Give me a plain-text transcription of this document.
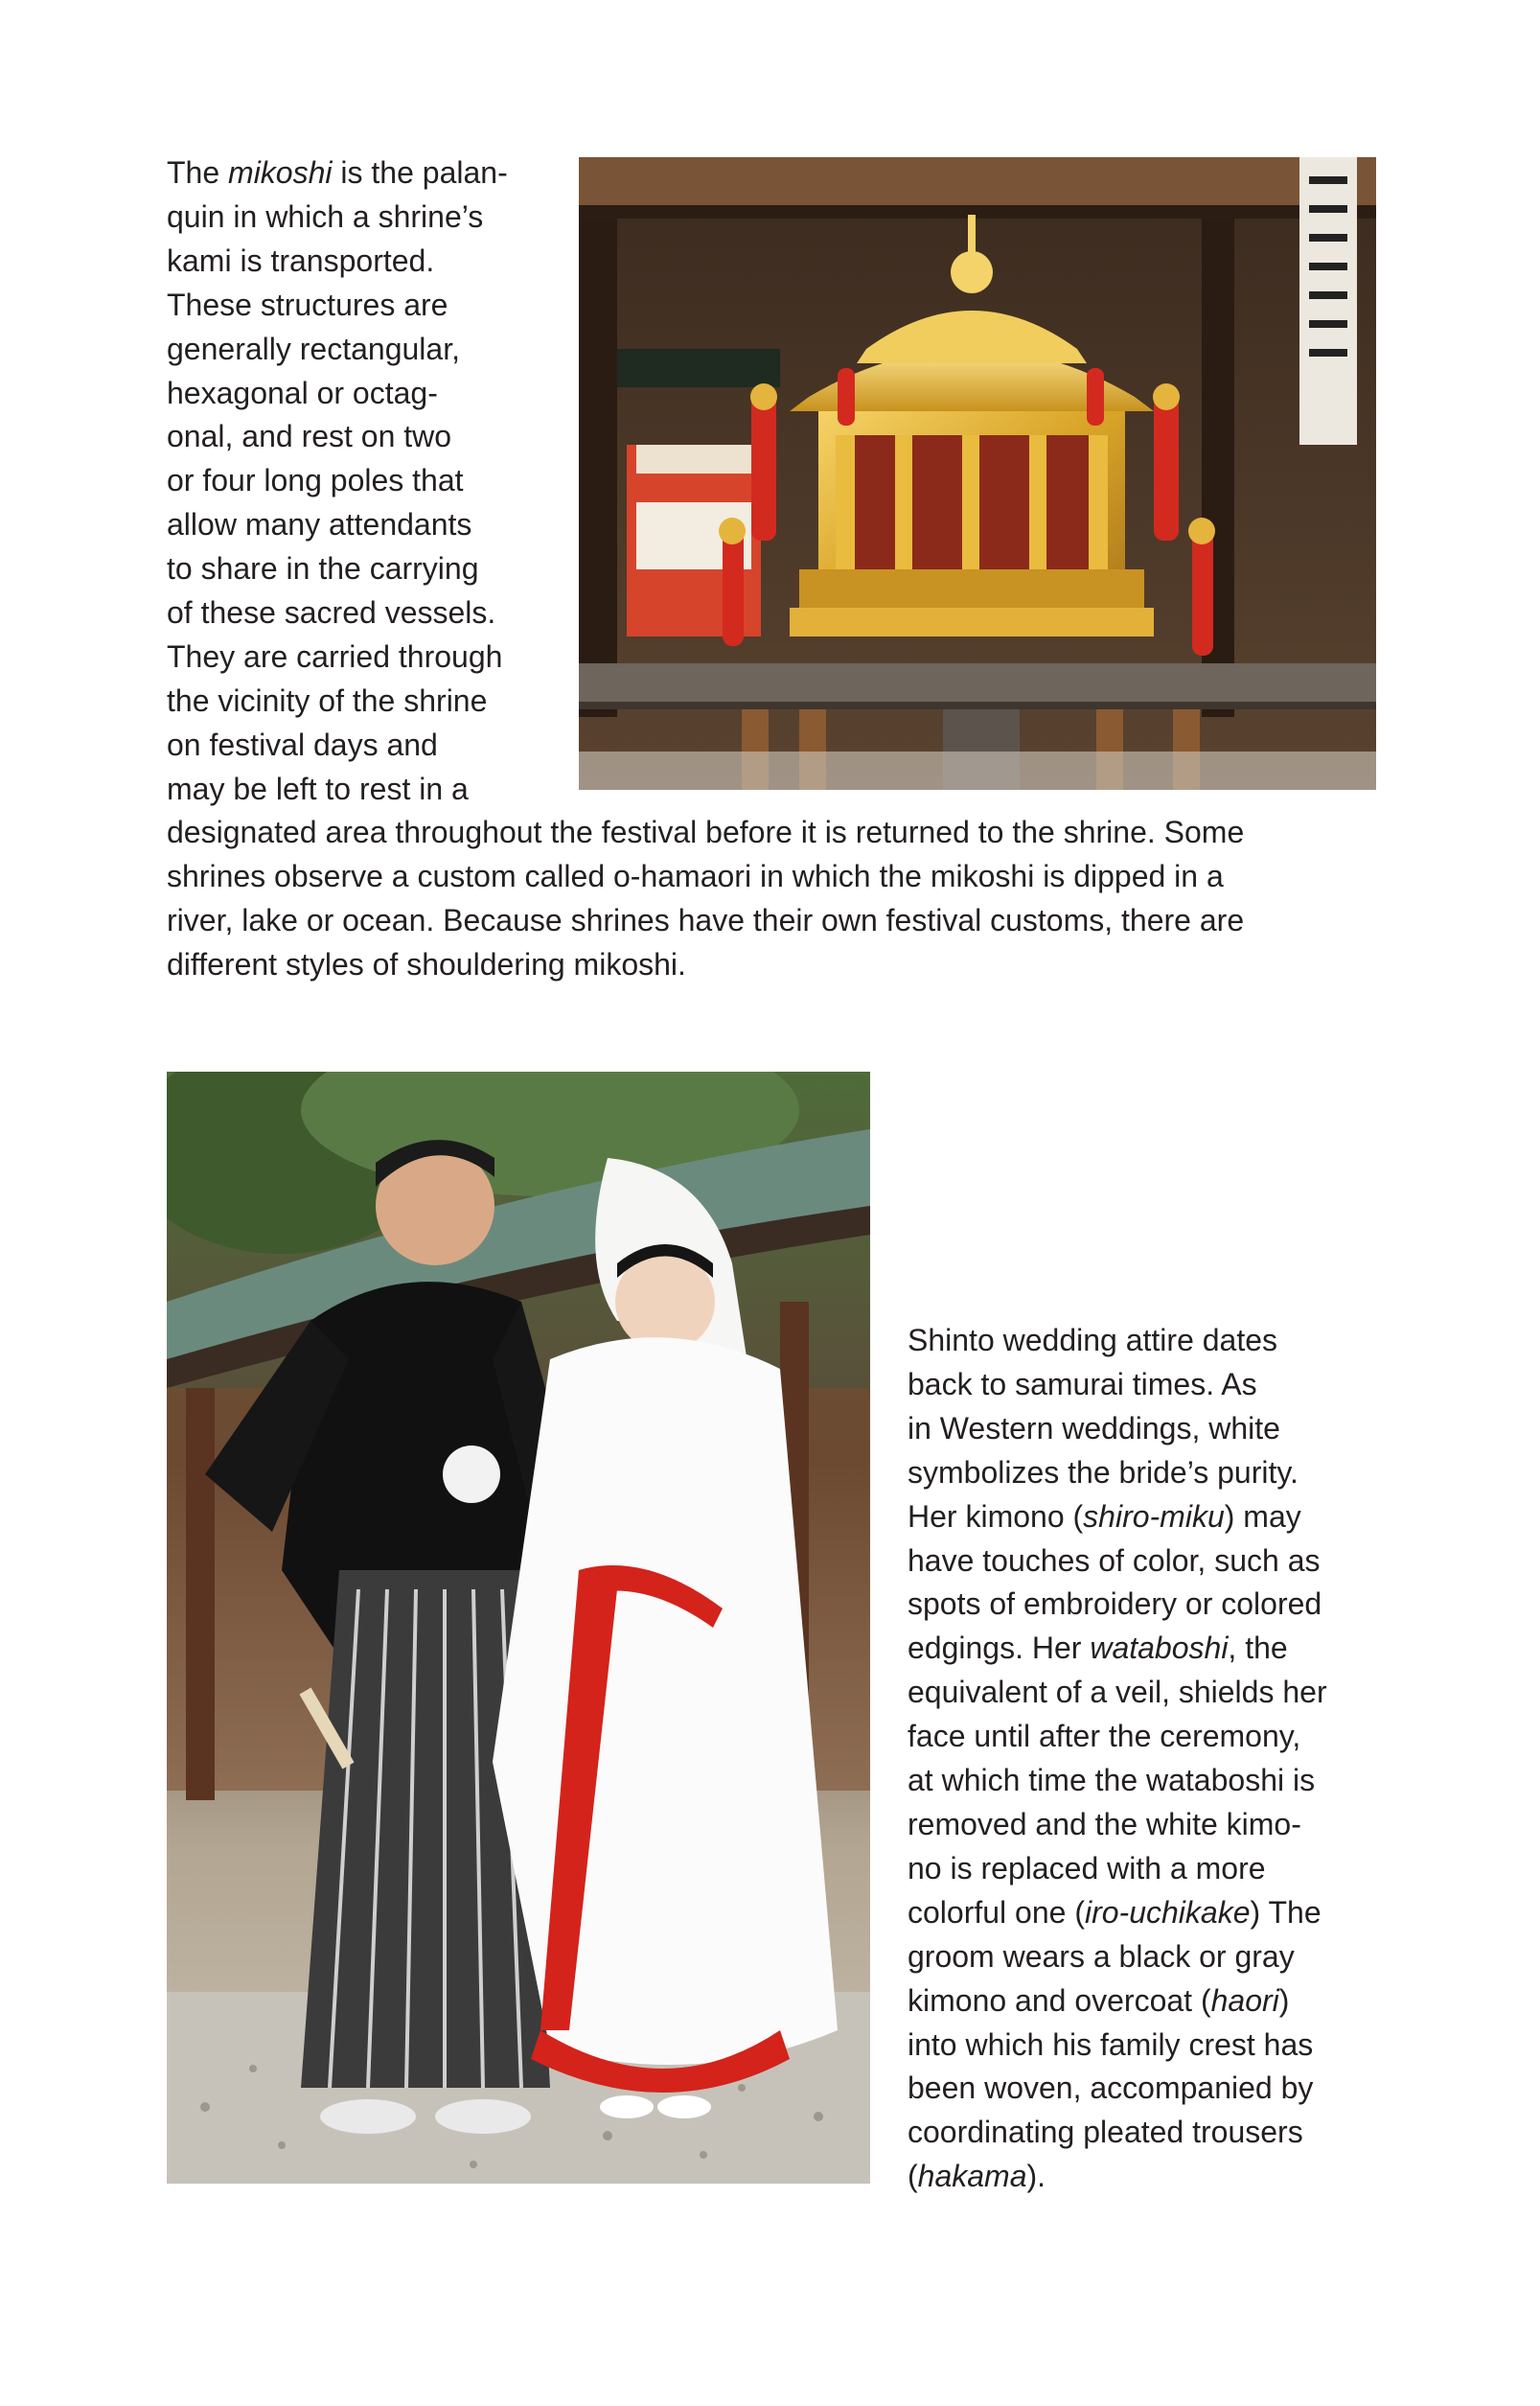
The mikoshi is the palan-
quin in which a shrine’s
kami is transported.
These structures are
generally rectangular,
hexagonal or octag-
onal, and rest on two
or four long poles that
allow many attendants
to share in the carrying
of these sacred vessels.
They are carried through
the vicinity of the shrine
on festival days and
may be left to rest in a
designated area throughout the festival before it is returned to the shrine. Some
shrines observe a custom called o-hamaori in which the mikoshi is dipped in a
river, lake or ocean. Because shrines have their own festival customs, there are
different styles of shouldering mikoshi.
Shinto wedding attire dates
back to samurai times. As
in Western weddings, white
symbolizes the bride’s purity.
Her kimono (shiro-miku) may
have touches of color, such as
spots of embroidery or colored
edgings. Her wataboshi, the
equivalent of a veil, shields her
face until after the ceremony,
at which time the wataboshi is
removed and the white kimo-
no is replaced with a more
colorful one (iro-uchikake) The
groom wears a black or gray
kimono and overcoat (haori)
into which his family crest has
been woven, accompanied by
coordinating pleated trousers
(hakama).
